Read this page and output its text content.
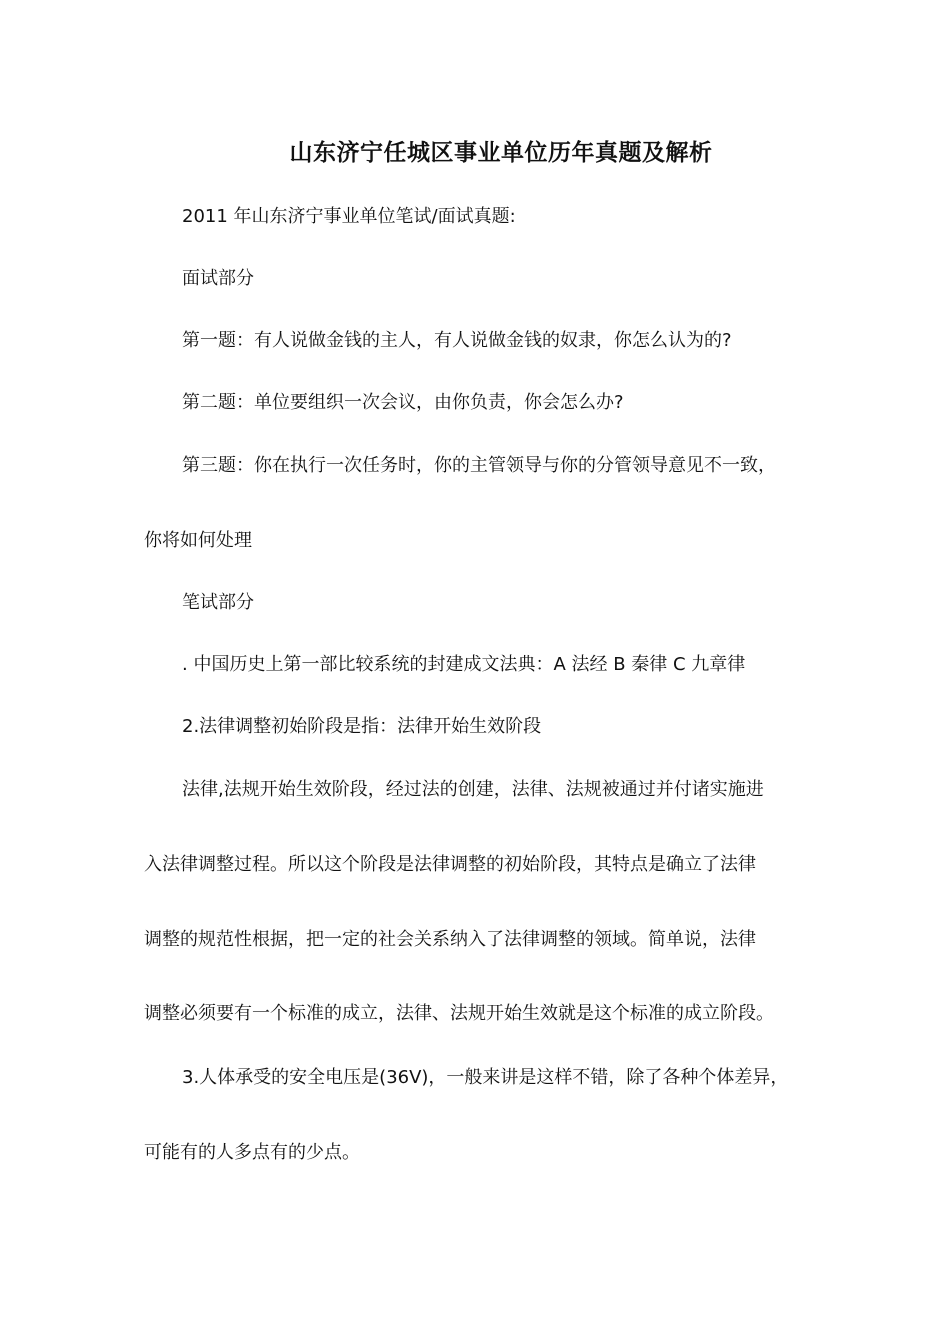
山东济宁任城区事业单位历年真题及解析
2011 年山东济宁事业单位笔试/面试真题:
面试部分
第一题：有人说做金钱的主人，有人说做金钱的奴隶，你怎么认为的?
第二题：单位要组织一次会议，由你负责，你会怎么办?
第三题：你在执行一次任务时，你的主管领导与你的分管领导意见不一致，
你将如何处理
笔试部分
. 中国历史上第一部比较系统的封建成文法典：A 法经 B 秦律 C 九章律
2.法律调整初始阶段是指：法律开始生效阶段
法律,法规开始生效阶段，经过法的创建，法律、法规被通过并付诸实施进
入法律调整过程。所以这个阶段是法律调整的初始阶段，其特点是确立了法律
调整的规范性根据，把一定的社会关系纳入了法律调整的领域。简单说，法律
调整必须要有一个标准的成立，法律、法规开始生效就是这个标准的成立阶段。
3.人体承受的安全电压是(36V)，一般来讲是这样不错，除了各种个体差异，
可能有的人多点有的少点。
